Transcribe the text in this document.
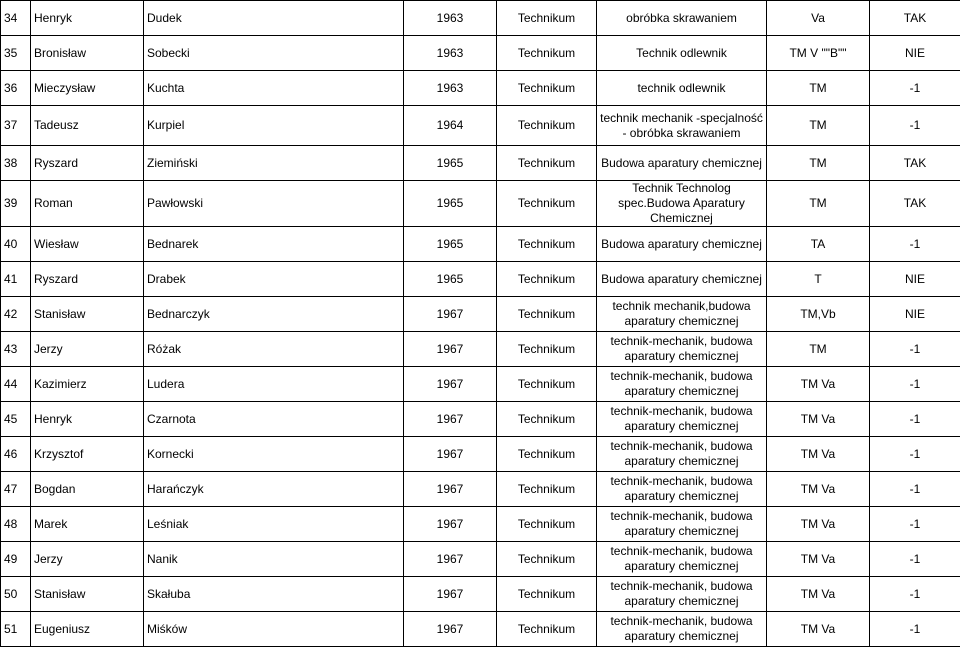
34	Henryk	Dudek	1963	Technikum	obróbka skrawaniem	Va	TAK
35	Bronisław	Sobecki	1963	Technikum	Technik odlewnik	TM V ""B""	NIE
36	Mieczysław	Kuchta	1963	Technikum	technik odlewnik	TM	-1
37	Tadeusz	Kurpiel	1964	Technikum	technik mechanik -specjalność - obróbka skrawaniem	TM	-1
38	Ryszard	Ziemiński	1965	Technikum	Budowa aparatury chemicznej	TM	TAK
39	Roman	Pawłowski	1965	Technikum	Technik Technolog spec.Budowa Aparatury Chemicznej	TM	TAK
40	Wiesław	Bednarek	1965	Technikum	Budowa aparatury chemicznej	TA	-1
41	Ryszard	Drabek	1965	Technikum	Budowa aparatury chemicznej	T	NIE
42	Stanisław	Bednarczyk	1967	Technikum	technik mechanik,budowa aparatury chemicznej	TM,Vb	NIE
43	Jerzy	Różak	1967	Technikum	technik-mechanik, budowa aparatury chemicznej	TM	-1
44	Kazimierz	Ludera	1967	Technikum	technik-mechanik, budowa aparatury chemicznej	TM Va	-1
45	Henryk	Czarnota	1967	Technikum	technik-mechanik, budowa aparatury chemicznej	TM Va	-1
46	Krzysztof	Kornecki	1967	Technikum	technik-mechanik, budowa aparatury chemicznej	TM Va	-1
47	Bogdan	Harańczyk	1967	Technikum	technik-mechanik, budowa aparatury chemicznej	TM Va	-1
48	Marek	Leśniak	1967	Technikum	technik-mechanik, budowa aparatury chemicznej	TM Va	-1
49	Jerzy	Nanik	1967	Technikum	technik-mechanik, budowa aparatury chemicznej	TM Va	-1
50	Stanisław	Skałuba	1967	Technikum	technik-mechanik, budowa aparatury chemicznej	TM Va	-1
51	Eugeniusz	Miśków	1967	Technikum	technik-mechanik, budowa aparatury chemicznej	TM Va	-1
